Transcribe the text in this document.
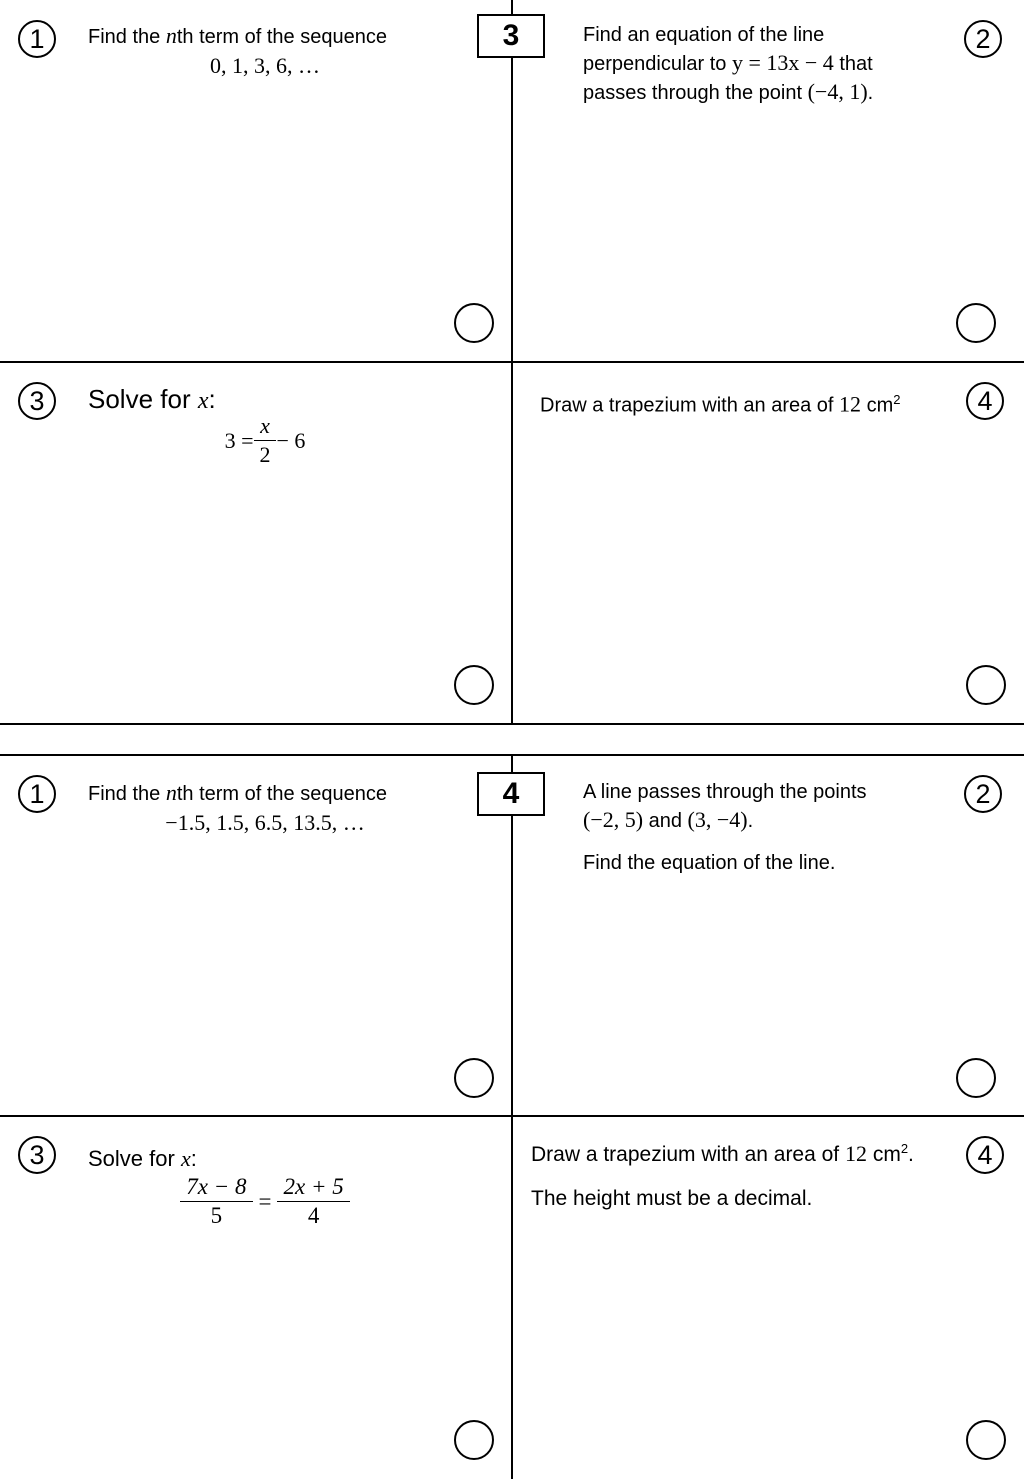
3
1 Find the nth term of the sequence
0, 1, 3, 6, …
2
Find an equation of the line
perpendicular to y = 13x − 4 that
passes through the point (−4, 1).
3 Solve for x:
$3 = \frac{x}{2} - 6$
4
Draw a trapezium with an area of 12 $cm^2$
4
1 Find the nth term of the sequence
−1.5, 1.5, 6.5, 13.5, …
2
A line passes through the points
(−2, 5) and (3, −4).
Find the equation of the line.
3 Solve for x:
$\frac{7x - 8}{5} = \frac{2x + 5}{4}$
4
Draw a trapezium with an area of 12 $cm^2$.
The height must be a decimal.
